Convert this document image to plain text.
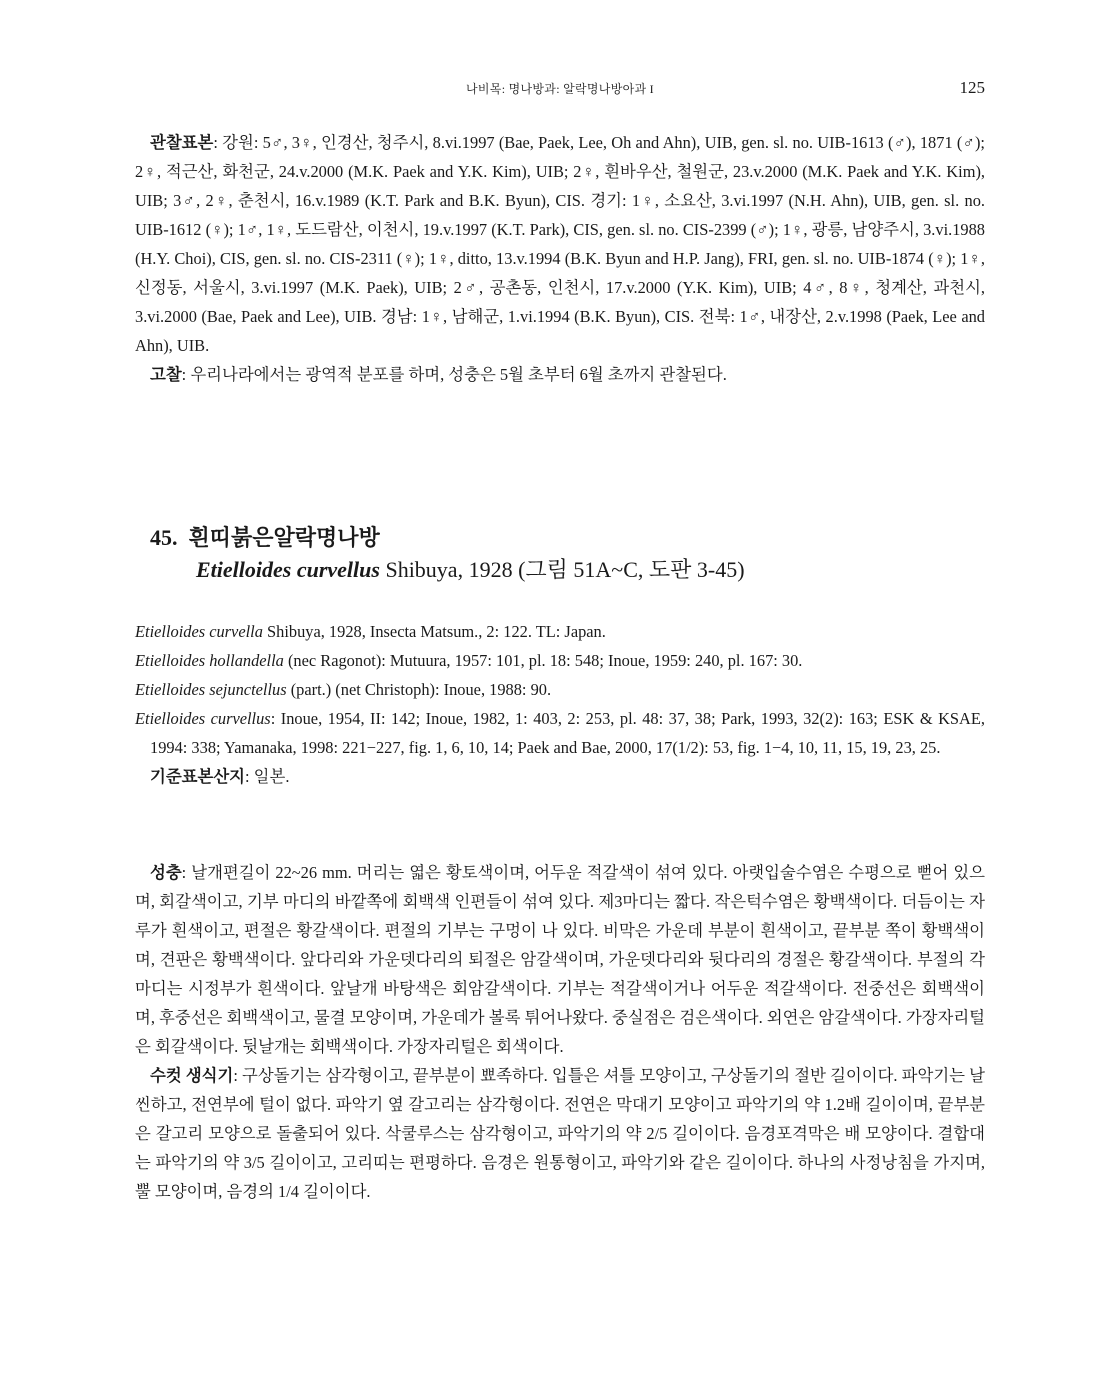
나비목: 명나방과: 알락명나방아과 I	125

관찰표본: 강원: 5♂, 3♀, 인경산, 청주시, 8.vi.1997 (Bae, Paek, Lee, Oh and Ahn), UIB, gen. sl. no. UIB-1613 (♂), 1871 (♂); 2♀, 적근산, 화천군, 24.v.2000 (M.K. Paek and Y.K. Kim), UIB; 2♀, 흰바우산, 철원군, 23.v.2000 (M.K. Paek and Y.K. Kim), UIB; 3♂, 2♀, 춘천시, 16.v.1989 (K.T. Park and B.K. Byun), CIS. 경기: 1♀, 소요산, 3.vi.1997 (N.H. Ahn), UIB, gen. sl. no. UIB-1612 (♀); 1♂, 1♀, 도드람산, 이천시, 19.v.1997 (K.T. Park), CIS, gen. sl. no. CIS-2399 (♂); 1♀, 광릉, 남양주시, 3.vi.1988 (H.Y. Choi), CIS, gen. sl. no. CIS-2311 (♀); 1♀, ditto, 13.v.1994 (B.K. Byun and H.P. Jang), FRI, gen. sl. no. UIB-1874 (♀); 1♀, 신정동, 서울시, 3.vi.1997 (M.K. Paek), UIB; 2♂, 공촌동, 인천시, 17.v.2000 (Y.K. Kim), UIB; 4♂, 8♀, 청계산, 과천시, 3.vi.2000 (Bae, Paek and Lee), UIB. 경남: 1♀, 남해군, 1.vi.1994 (B.K. Byun), CIS. 전북: 1♂, 내장산, 2.v.1998 (Paek, Lee and Ahn), UIB.

고찰: 우리나라에서는 광역적 분포를 하며, 성충은 5월 초부터 6월 초까지 관찰된다.

45. 흰띠붉은알락명나방
Etielloides curvellus Shibuya, 1928 (그림 51A~C, 도판 3-45)

Etielloides curvella Shibuya, 1928, Insecta Matsum., 2: 122. TL: Japan.

Etielloides hollandella (nec Ragonot): Mutuura, 1957: 101, pl. 18: 548; Inoue, 1959: 240, pl. 167: 30.

Etielloides sejunctellus (part.) (net Christoph): Inoue, 1988: 90.

Etielloides curvellus: Inoue, 1954, II: 142; Inoue, 1982, 1: 403, 2: 253, pl. 48: 37, 38; Park, 1993, 32(2): 163; ESK & KSAE, 1994: 338; Yamanaka, 1998: 221−227, fig. 1, 6, 10, 14; Paek and Bae, 2000, 17(1/2): 53, fig. 1−4, 10, 11, 15, 19, 23, 25.

기준표본산지: 일본.

성충: 날개편길이 22~26 mm. 머리는 엷은 황토색이며, 어두운 적갈색이 섞여 있다. 아랫입술수염은 수평으로 뻗어 있으며, 회갈색이고, 기부 마디의 바깥쪽에 회백색 인편들이 섞여 있다. 제3마디는 짧다. 작은턱수염은 황백색이다. 더듬이는 자루가 흰색이고, 편절은 황갈색이다. 편절의 기부는 구멍이 나 있다. 비막은 가운데 부분이 흰색이고, 끝부분 쪽이 황백색이며, 견판은 황백색이다. 앞다리와 가운뎃다리의 퇴절은 암갈색이며, 가운뎃다리와 뒷다리의 경절은 황갈색이다. 부절의 각 마디는 시정부가 흰색이다. 앞날개 바탕색은 회암갈색이다. 기부는 적갈색이거나 어두운 적갈색이다. 전중선은 회백색이며, 후중선은 회백색이고, 물결 모양이며, 가운데가 볼록 튀어나왔다. 중실점은 검은색이다. 외연은 암갈색이다. 가장자리털은 회갈색이다. 뒷날개는 회백색이다. 가장자리털은 회색이다.

수컷 생식기: 구상돌기는 삼각형이고, 끝부분이 뾰족하다. 입틀은 셔틀 모양이고, 구상돌기의 절반 길이이다. 파악기는 날씬하고, 전연부에 털이 없다. 파악기 옆 갈고리는 삼각형이다. 전연은 막대기 모양이고 파악기의 약 1.2배 길이이며, 끝부분은 갈고리 모양으로 돌출되어 있다. 삭쿨루스는 삼각형이고, 파악기의 약 2/5 길이이다. 음경포격막은 배 모양이다. 결합대는 파악기의 약 3/5 길이이고, 고리띠는 편평하다. 음경은 원통형이고, 파악기와 같은 길이이다. 하나의 사정낭침을 가지며, 뿔 모양이며, 음경의 1/4 길이이다.
